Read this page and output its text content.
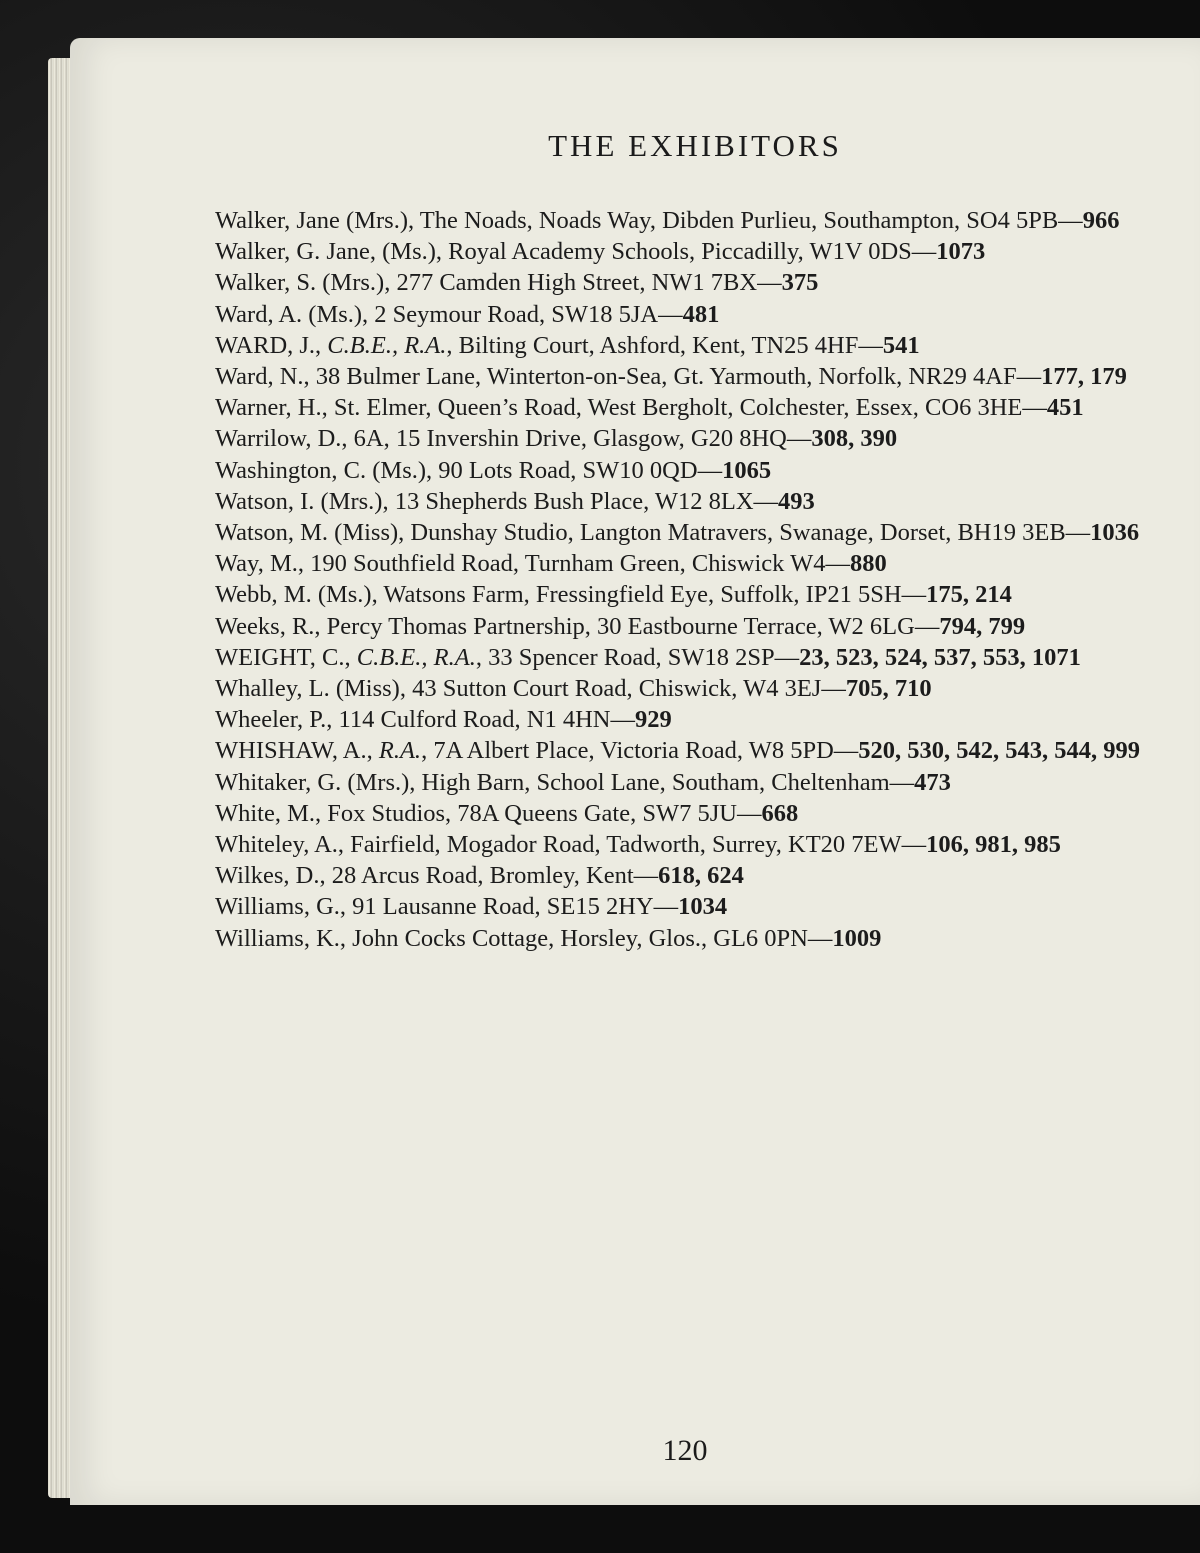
THE EXHIBITORS
Walker, Jane (Mrs.), The Noads, Noads Way, Dibden Purlieu, Southampton, SO4 5PB—966
Walker, G. Jane, (Ms.), Royal Academy Schools, Piccadilly, W1V 0DS—1073
Walker, S. (Mrs.), 277 Camden High Street, NW1 7BX—375
Ward, A. (Ms.), 2 Seymour Road, SW18 5JA—481
WARD, J., C.B.E., R.A., Bilting Court, Ashford, Kent, TN25 4HF—541
Ward, N., 38 Bulmer Lane, Winterton-on-Sea, Gt. Yarmouth, Norfolk, NR29 4AF—177, 179
Warner, H., St. Elmer, Queen’s Road, West Bergholt, Colchester, Essex, CO6 3HE—451
Warrilow, D., 6A, 15 Invershin Drive, Glasgow, G20 8HQ—308, 390
Washington, C. (Ms.), 90 Lots Road, SW10 0QD—1065
Watson, I. (Mrs.), 13 Shepherds Bush Place, W12 8LX—493
Watson, M. (Miss), Dunshay Studio, Langton Matravers, Swanage, Dorset, BH19 3EB—1036
Way, M., 190 Southfield Road, Turnham Green, Chiswick W4—880
Webb, M. (Ms.), Watsons Farm, Fressingfield Eye, Suffolk, IP21 5SH—175, 214
Weeks, R., Percy Thomas Partnership, 30 Eastbourne Terrace, W2 6LG—794, 799
WEIGHT, C., C.B.E., R.A., 33 Spencer Road, SW18 2SP—23, 523, 524, 537, 553, 1071
Whalley, L. (Miss), 43 Sutton Court Road, Chiswick, W4 3EJ—705, 710
Wheeler, P., 114 Culford Road, N1 4HN—929
WHISHAW, A., R.A., 7A Albert Place, Victoria Road, W8 5PD—520, 530, 542, 543, 544, 999
Whitaker, G. (Mrs.), High Barn, School Lane, Southam, Cheltenham—473
White, M., Fox Studios, 78A Queens Gate, SW7 5JU—668
Whiteley, A., Fairfield, Mogador Road, Tadworth, Surrey, KT20 7EW—106, 981, 985
Wilkes, D., 28 Arcus Road, Bromley, Kent—618, 624
Williams, G., 91 Lausanne Road, SE15 2HY—1034
Williams, K., John Cocks Cottage, Horsley, Glos., GL6 0PN—1009
120
